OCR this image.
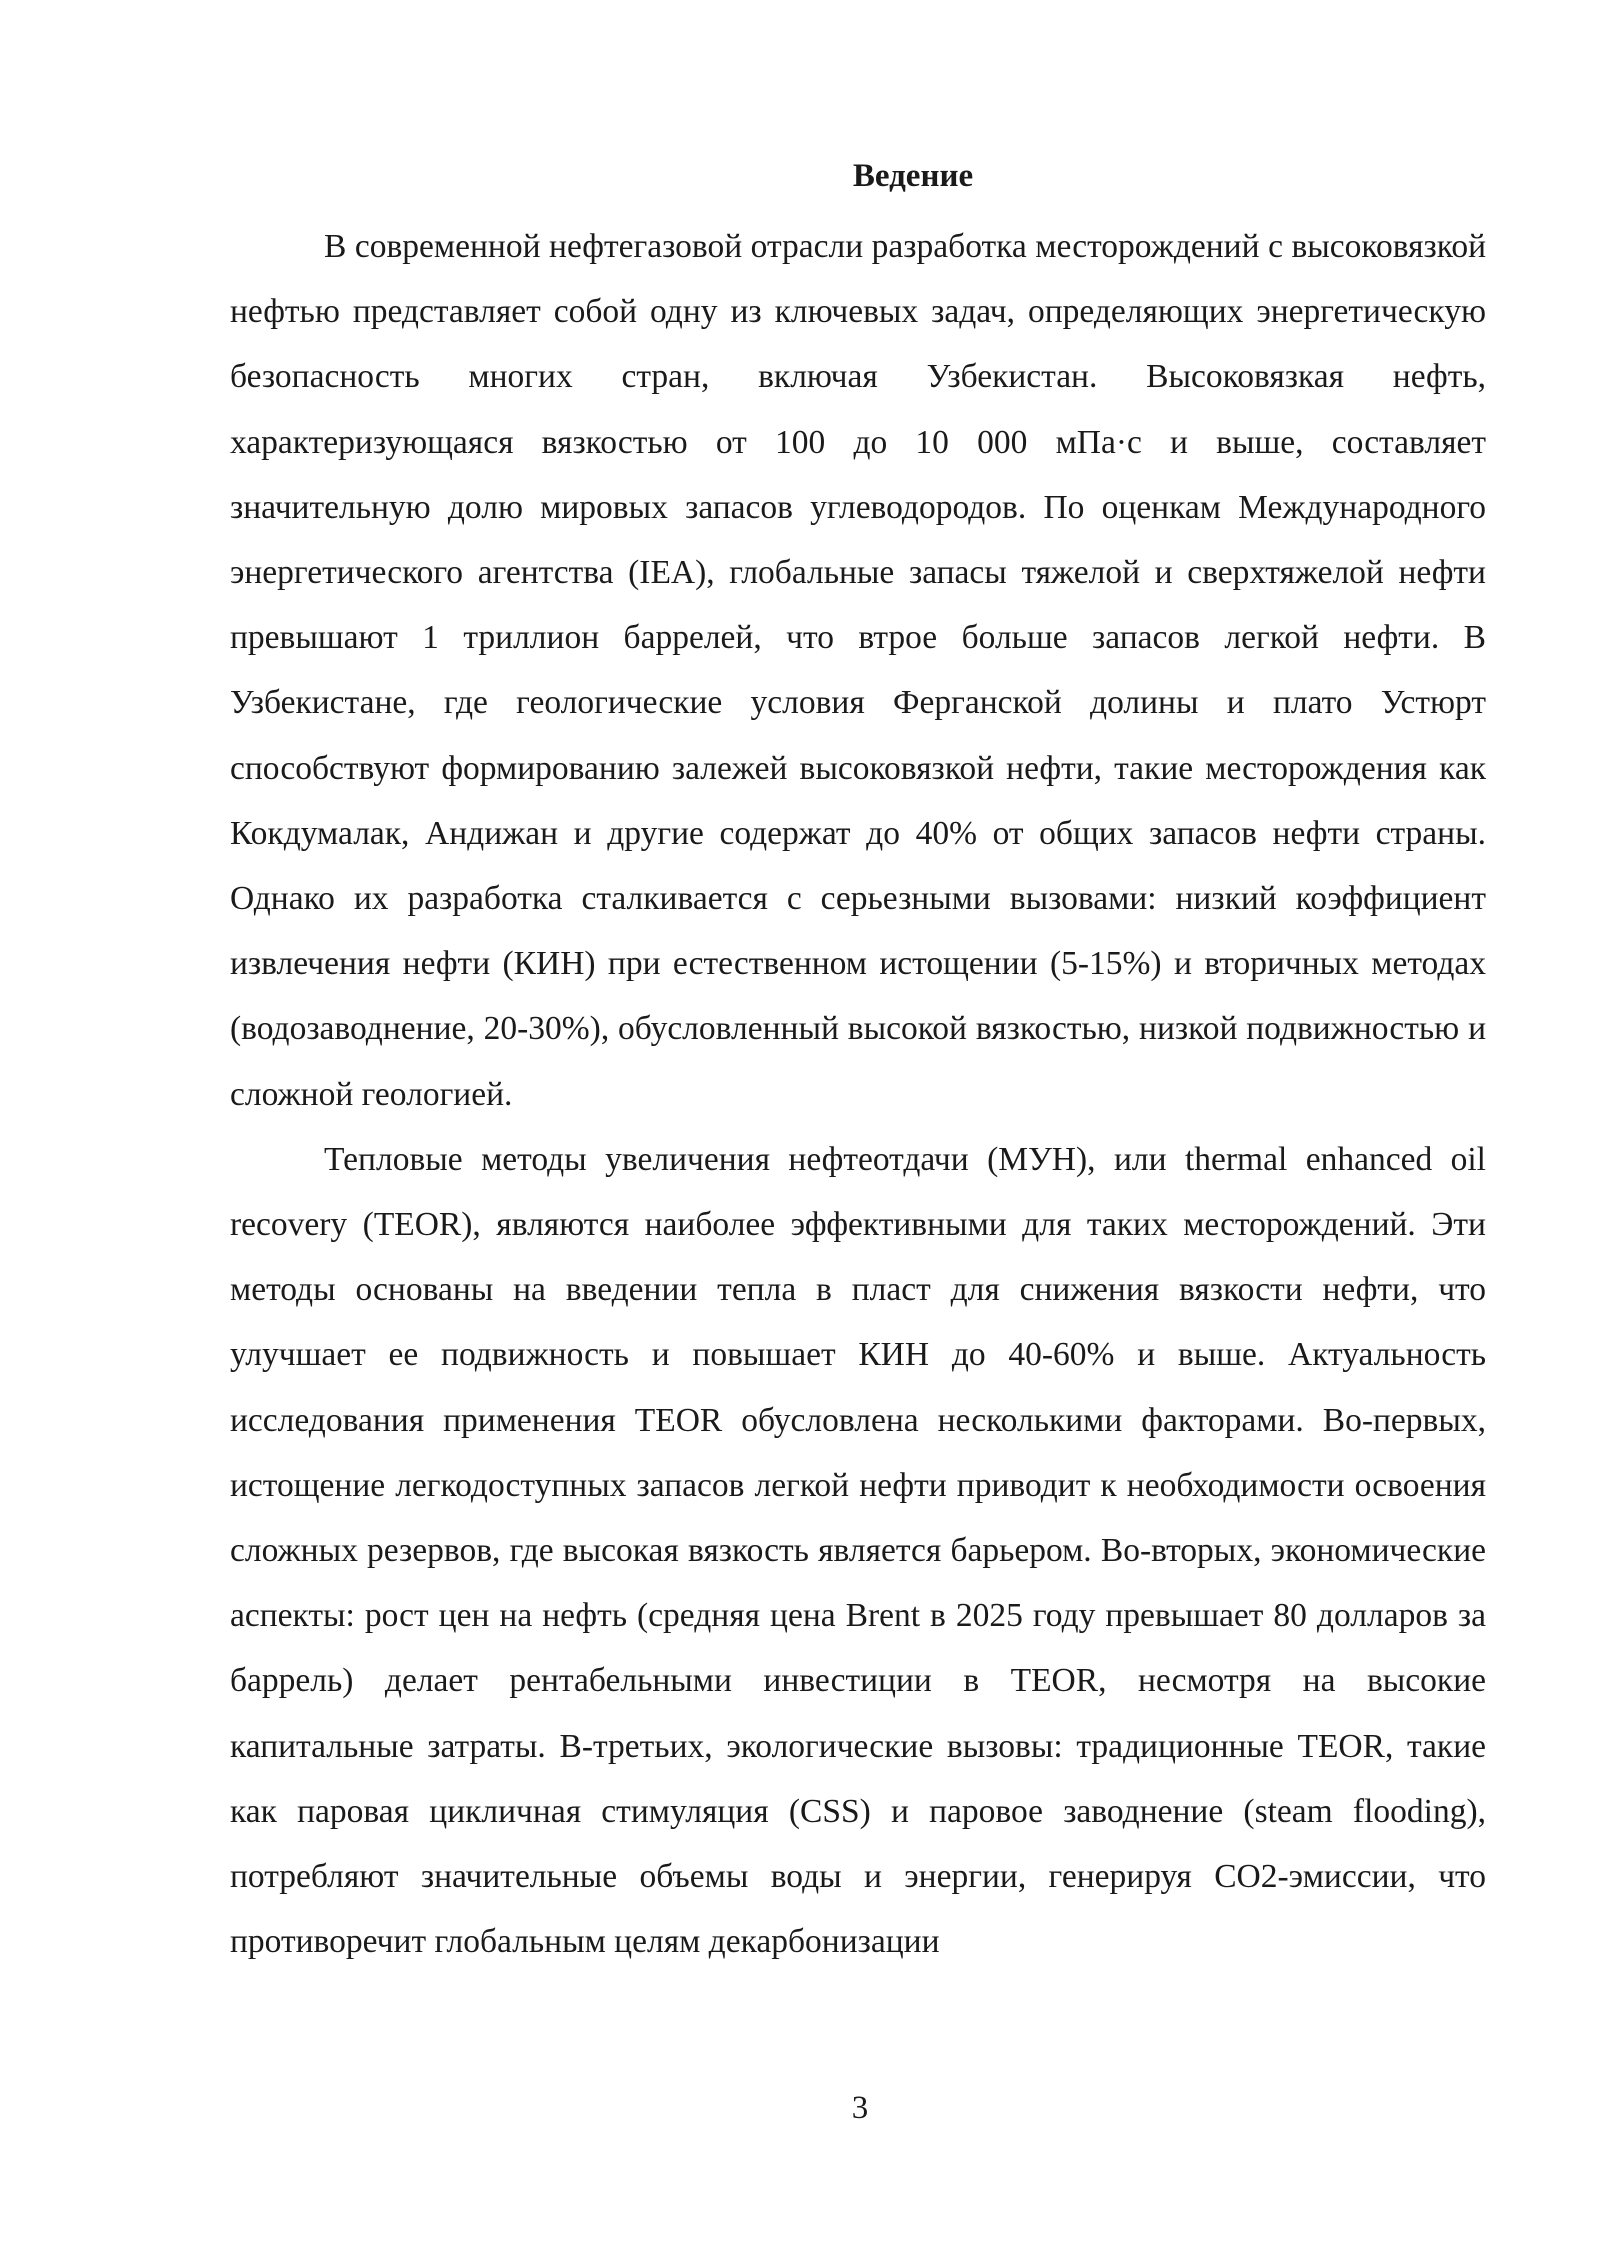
Ведение

В современной нефтегазовой отрасли разработка месторождений с высоковязкой нефтью представляет собой одну из ключевых задач, определяющих энергетическую безопасность многих стран, включая Узбекистан. Высоковязкая нефть, характеризующаяся вязкостью от 100 до 10 000 мПа·с и выше, составляет значительную долю мировых запасов углеводородов. По оценкам Международного энергетического агентства (IEA), глобальные запасы тяжелой и сверхтяжелой нефти превышают 1 триллион баррелей, что втрое больше запасов легкой нефти. В Узбекистане, где геологические условия Ферганской долины и плато Устюрт способствуют формированию залежей высоковязкой нефти, такие месторождения как Кокдумалак, Андижан и другие содержат до 40% от общих запасов нефти страны. Однако их разработка сталкивается с серьезными вызовами: низкий коэффициент извлечения нефти (КИН) при естественном истощении (5-15%) и вторичных методах (водозаводнение, 20-30%), обусловленный высокой вязкостью, низкой подвижностью и сложной геологией.

Тепловые методы увеличения нефтеотдачи (МУН), или thermal enhanced oil recovery (TEOR), являются наиболее эффективными для таких месторождений. Эти методы основаны на введении тепла в пласт для снижения вязкости нефти, что улучшает ее подвижность и повышает КИН до 40-60% и выше. Актуальность исследования применения TEOR обусловлена несколькими факторами. Во-первых, истощение легкодоступных запасов легкой нефти приводит к необходимости освоения сложных резервов, где высокая вязкость является барьером. Во-вторых, экономические аспекты: рост цен на нефть (средняя цена Brent в 2025 году превышает 80 долларов за баррель) делает рентабельными инвестиции в TEOR, несмотря на высокие капитальные затраты. В-третьих, экологические вызовы: традиционные TEOR, такие как паровая цикличная стимуляция (CSS) и паровое заводнение (steam flooding), потребляют значительные объемы воды и энергии, генерируя CO2-эмиссии, что противоречит глобальным целям декарбонизации

3
